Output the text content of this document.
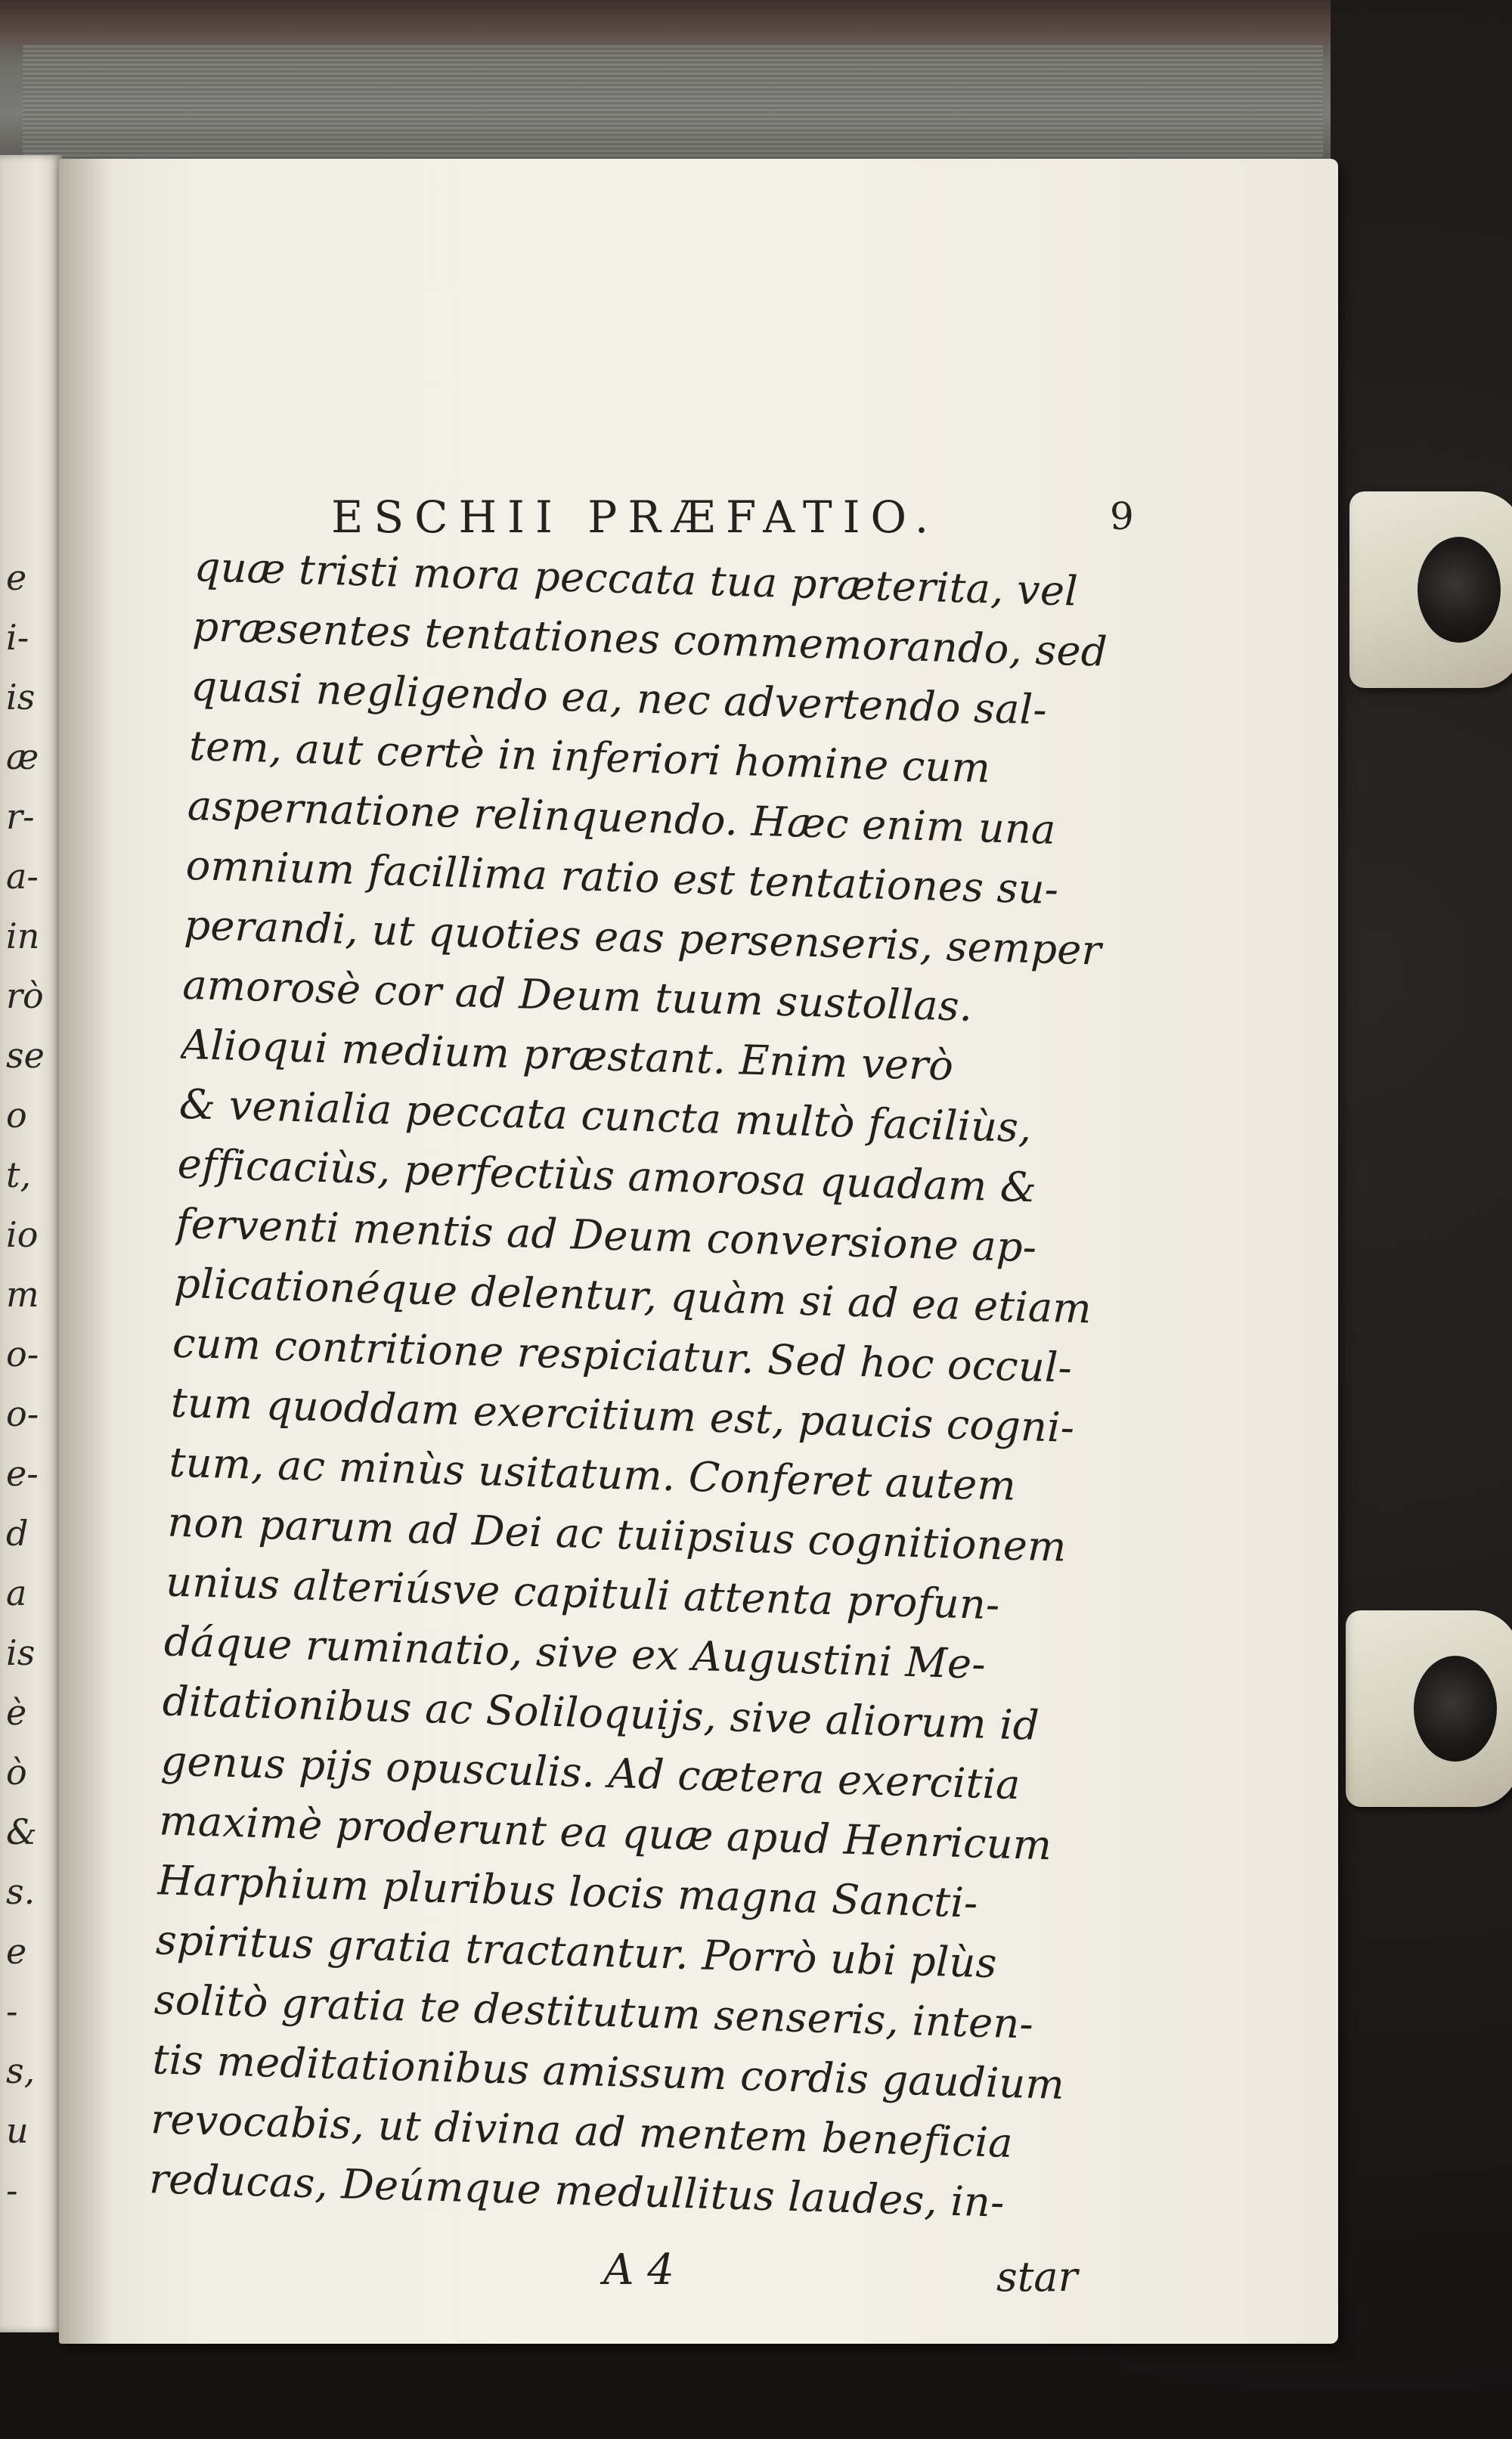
e
i-
is
æ
r-
a-
in
rò
se
o
t,
io
m
o-
o-
e-
d
a
is
è
ò
&
s.
e
-
s,
u
-
ESCHII PRÆFATIO.	9
quæ tristi mora peccata tua præterita, vel
præsentes tentationes commemorando, sed
quasi negligendo ea, nec advertendo sal-
tem, aut certè in inferiori homine cum
aspernatione relinquendo. Hæc enim una
omnium facillima ratio est tentationes su-
perandi, ut quoties eas persenseris, semper
amorosè cor ad Deum tuum sustollas.
Alioqui medium præstant. Enim verò
& venialia peccata cuncta multò faciliùs,
efficaciùs, perfectiùs amorosa quadam &
ferventi mentis ad Deum conversione ap-
plicationéque delentur, quàm si ad ea etiam
cum contritione respiciatur. Sed hoc occul-
tum quoddam exercitium est, paucis cogni-
tum, ac minùs usitatum. Conferet autem
non parum ad Dei ac tuiipsius cognitionem
unius alteriúsve capituli attenta profun-
dáque ruminatio, sive ex Augustini Me-
ditationibus ac Soliloquijs, sive aliorum id
genus pijs opusculis. Ad cætera exercitia
maximè proderunt ea quæ apud Henricum
Harphium pluribus locis magna Sancti-
spiritus gratia tractantur. Porrò ubi plùs
solitò gratia te destitutum senseris, inten-
tis meditationibus amissum cordis gaudium
revocabis, ut divina ad mentem beneficia
reducas, Deúmque medullitus laudes, in-
A 4	star
